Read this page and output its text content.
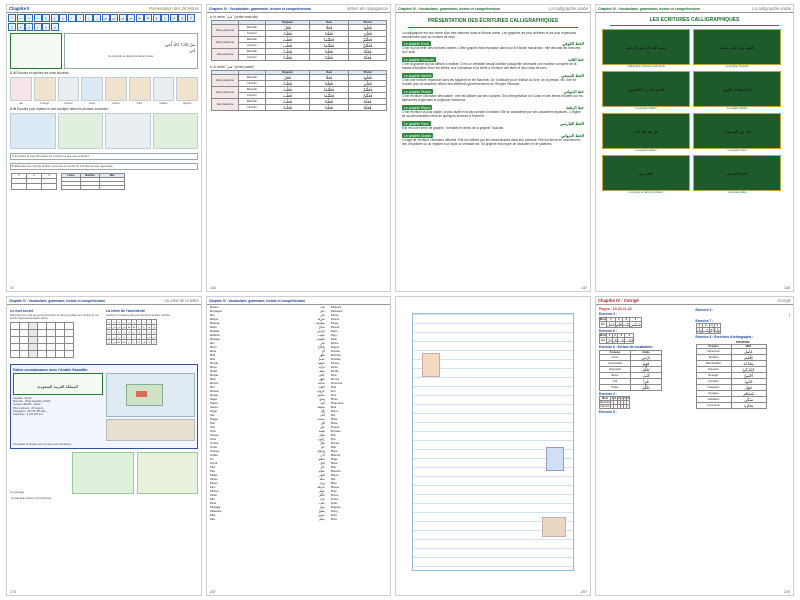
Chapitre II	Présentation des 28 lettres
ا	ب	ت	ث	ج	ح	خ	د	ذ	ر	ز	س	ش	ص	ض	ط	ظ	ع	غ	ف	ق	ك
ل	م	ن	ه	و	ي
مَنْ ذَاكَ؟ ذَاكَ أَخِي
أخي
Ce seconde se détermine dans le texte.
2. A Écoutez et répétez les mots suivants :
Lait	Orange	Cheval	Avion	Carton	Pain	Chaise	Oignon
3. B Écoutez puis répétez le mot souligné dans les phrases suivantes :
4. C Cochez la case de la lettre qui convient ou que vous entendez :
5. D Écoutez les noms de la lettre, et écrivez le nombre de mot dans la case appropriée :
1	2	3

			Lettre	Nombre	Mot

47
Chapitre IV : Vocabulaire, grammaire, lecture et compréhension	lettres de conjugaison
a. le verbe "فعل" (verbe masculin)
		Singulier	Duel	Pluriel
3ème personne	Masculin	فَعَلَ	فَعَلَا	فَعَلُوا
	Féminin	فَعَلَتْ	فَعَلَتَا	فَعَلْنَ
2ème personne	Masculin	فَعَلْتَ	فَعَلْتُمَا	فَعَلْتُمْ
	Féminin	فَعَلْتِ	فَعَلْتُمَا	فَعَلْتُنَّ
1ère personne	Masculin	فَعَلْتُ	فَعَلْنَا	فَعَلْنَا
	Féminin	فَعَلْتُ	فَعَلْنَا	فَعَلْنَا
b. le verbe "فعل" (verbe passif)
		Singulier	Duel	Pluriel
3ème personne	Masculin	فَعَلَ	فَعَلَا	فَعَلُوا
	Féminin	فَعَلَتْ	فَعَلَتَا	فَعَلْنَ
2ème personne	Masculin	فَعَلْتَ	فَعَلْتُمَا	فَعَلْتُمْ
	Féminin	فَعَلْتِ	فَعَلْتُمَا	فَعَلْتُنَّ
1ère personne	Masculin	فَعَلْتُ	فَعَلْنَا	فَعَلْنَا
	Féminin	فَعَلْتُ	فَعَلْنَا	فَعَلْنَا
104
Chapitre IV : Vocabulaire, grammaire, lecture et compréhension	La calligraphie arabe
PRÉSENTATION DES ÉCRITURES CALLIGRAPHIQUES
La calligraphie est une forme d'art très élaborée dans le Monde arabe. Les graphies les plus célèbres et les plus répandues actuellement sont au nombre de sept.
Le graphie Koufi	الخط الكوفي
C'est la plus belle des écritures arabes. Cette graphie était répandue dans tout le Monde musulman : elle décorait les écritures du Coran.
Le graphie Toulouth	خط الثلث
C'est la graphie la plus difficile à réaliser. C'est un véritable travail d'artiste puisqu'elle nécessite une maîtrise complète de la masse d'équilibre entre les lettres, leur inclinaison et la limite à l'écriture des titres et des noms de rues.
Le graphie Naskhi	الخط النسخي
C'est une écriture répandue dans les Maghreb et les Machrek. De l'ordinaire pour l'édition du livre, de la presse, etc. Elle fut choisie pour la caractère officiel des différents gouvernements de l'Empire Ottoman.
Le graphie Diwani	خط الديواني
C'est l'écriture Ottomane déroulable : elle est utilisée par des copistes. Son interprétation du Coran et des lettres brodées sur les tapisseries régionales et originaux nombreux.
Le graphie Riqa'a	خط الرقعة
C'est l'écriture la plus rapide, la plus facile et la plus simple à réaliser. Elle se caractérise par ses caractères épaisses. L'origine de sa dénomination vient de quelques services à l'écriture.
Le graphie Farsi	الخط الفارسي
Elle est une forme de graphie : formalité et celles de la graphie Toulouth.
Le graphie Diwani	الخط الديواني
Il s'agit de l'écriture Ottomane officielle. Elle est utilisée par les missionnaires dans leur peinture. Elle est tenue en mouvement, lors d'équilibre ou un registre à un style ou véritable art. Sa graphie est propre de caractère et de palabres.
137
Chapitre IV : Vocabulaire, grammaire, lecture et compréhension	La calligraphie arabe
LES ECRITURES CALLIGRAPHIQUES
بسم الله الرحمن الرحيم
Calligraphie artistique style Koufi
اللهم صل على محمد
La graphie Toulouth
الحمد لله رب العالمين
La graphie Naskhi
إنا أعطيناك الكوثر
La graphie Riqa'a
قل هو الله أحد
La graphie Diwani
الله نور السموات
La graphie Farsi
العلم نور
Le poème en ailes de poisson
الخط الجميل
La poésie arabe
138
Chapitre IV : Vocabulaire, grammaire, lecture et compréhension	Au pied de la lettre
Le mot secret
Retrouvez les mots qui se trouvent dans le colonne grisée pour obtenir le mot secret composé de quatre lettres.

La lettre de l'architecte
Cochez en mettant juste pour découvrir la lettre cachée.
ب	ت	ث	ج	ح	خ	د	ذ	ر	ز
س	ش	ص	ض	ط	ظ	ع	غ	ف	ق
ك	ل	م	ن	ه	و	ي	ا	ب	ت
ث	ج	ح	خ	د	ذ	ر	ز	س	ش
ص	ض	ط	ظ	ع	غ	ف	ق	ك	ل
Faites connaissance avec l'Arabie Saoudite.
المملكة العربية السعودية
Capitale : Riyad
Monnaie : Riyal Saoudien (SAR)
Langue officielle : Arabe
Plus continent : 22 régions
Population : 28 376 355 hab.
Superficie : 2 220 000 km²
Complétez la phrase avec ce que vous connaissez
Un paysage
Ce paysage naturel, sont féeriques.
173
Chapitre IV : Vocabulaire, grammaire, lecture et compréhension

Maison	بَيْت	Patience
Montagne	جَبَل	Pâtisserie
Mer	بَحْر	Patron
Marine	بَحْرِيَّة	Paume
Marteau	مِطْرَقَة	Pause
Matin	صَبَاح	Pauvre
Matelas	فِرَاش	Payer
Médecin	طَبِيب	Pays
Ménage	تَنْظِيف	Peau
Mer	بَحْر	Pêche
Merci	شُكْرًا	Peigne
Mère	أُمّ	Peindre
Midi	ظُهْر	Peinture
Miel	عَسَل	Pendule
Minute	دَقِيقَة	Penser
Miroir	مِرْآة	Pente
Moitié	نِصْف	Perdre
Monde	عَالَم	Père
Mois	شَهْر	Permis
Montre	سَاعَة	Personne
Mot	كَلِمَة	Petit
Mouton	خَرُوف	Peu
Musée	مَتْحَف	Peur
Nager	سَبَحَ	Photo
Nation	أُمَّة	Pharmacie
Nature	طَبِيعَة	Pied
Neige	ثَلْج	Pierre
Nez	أَنْف	Pile
Nuage	سَحَاب	Pilote
Nuit	لَيْل	Pilule
Oeil	عَيْن	Piment
Oeuf	بَيْضَة	Pinceau
Oiseau	طَائِر	Pion
Olive	زَيْتُون	Pire
Ombre	ظِلّ	Piscine
Oncle	عَمّ	Pitié
Orange	بُرْتُقَال	Place
Oreille	أُذُن	Plafond
Os	عَظْم	Plage
Ouvrir	فَتَحَ	Plaire
Pain	خُبْز	Plan
Paix	سَلَام	Planche
Palais	قَصْر	Plante
Panier	سَلَّة	Plat
Papier	وَرَق	Plein
Parc	حَدِيقَة	Pleurer
Parfum	عِطْر	Pluie
Parler	تَكَلَّمَ	Plume
Part	جُزْء	Poche
Partir	ذَهَبَ	Poids
Passage	مَمَرّ	Poignée
Pastèque	بِطِّيخ	Poing
Pâte	عَجِين	Point
Paix	سِلْم	Poire
207	207
Chapitre IV : Corrigé	Corrigé
Pages : 19.20.21.22
Exercice 4 :
Mots	1	2	3	4
Mot	جَمَل	قَلَم	بَيْت	شَمْس
Exercice 6 :
Mots	1	2	3	4
Mot	دَار	نَار	بَاب	كِتَاب
Exercice 6 : Ecrivez de vocabulaire :
Français	Arabe
Cours	دَرْس
Comprendre	فَهِمَ
Apprendre	تَعَلَّمَ
Écrire	كَتَبَ
Lire	قَرَأَ
Parler	تَكَلَّمَ
Exercice 4 :
Mots	1	2	3	4	5	6
Masculin	✓		✓		✓	
Féminin		✓		✓		✓
Exercice 5 :
Exercice 4 :
أ
Exercice 7 :
1	2	3	4
وَلَد	بِنْت	أُمّ	وَلَد
Exercice 8 : Exercices d'orthographe :
POSITION
Position	MOT
Cantonnier	عَامِل
Territoire	إِقْلِيم
Marchandise	بِضَاعَة
Douanier	جُمْرُكِيّ
Étranger	أَجْنَبِيّ
Frontière	حُدُود
Passeport	جَوَاز
Voyageur	مُسَافِر
Habitation	سَكَن
Commerce	تِجَارَة
219
